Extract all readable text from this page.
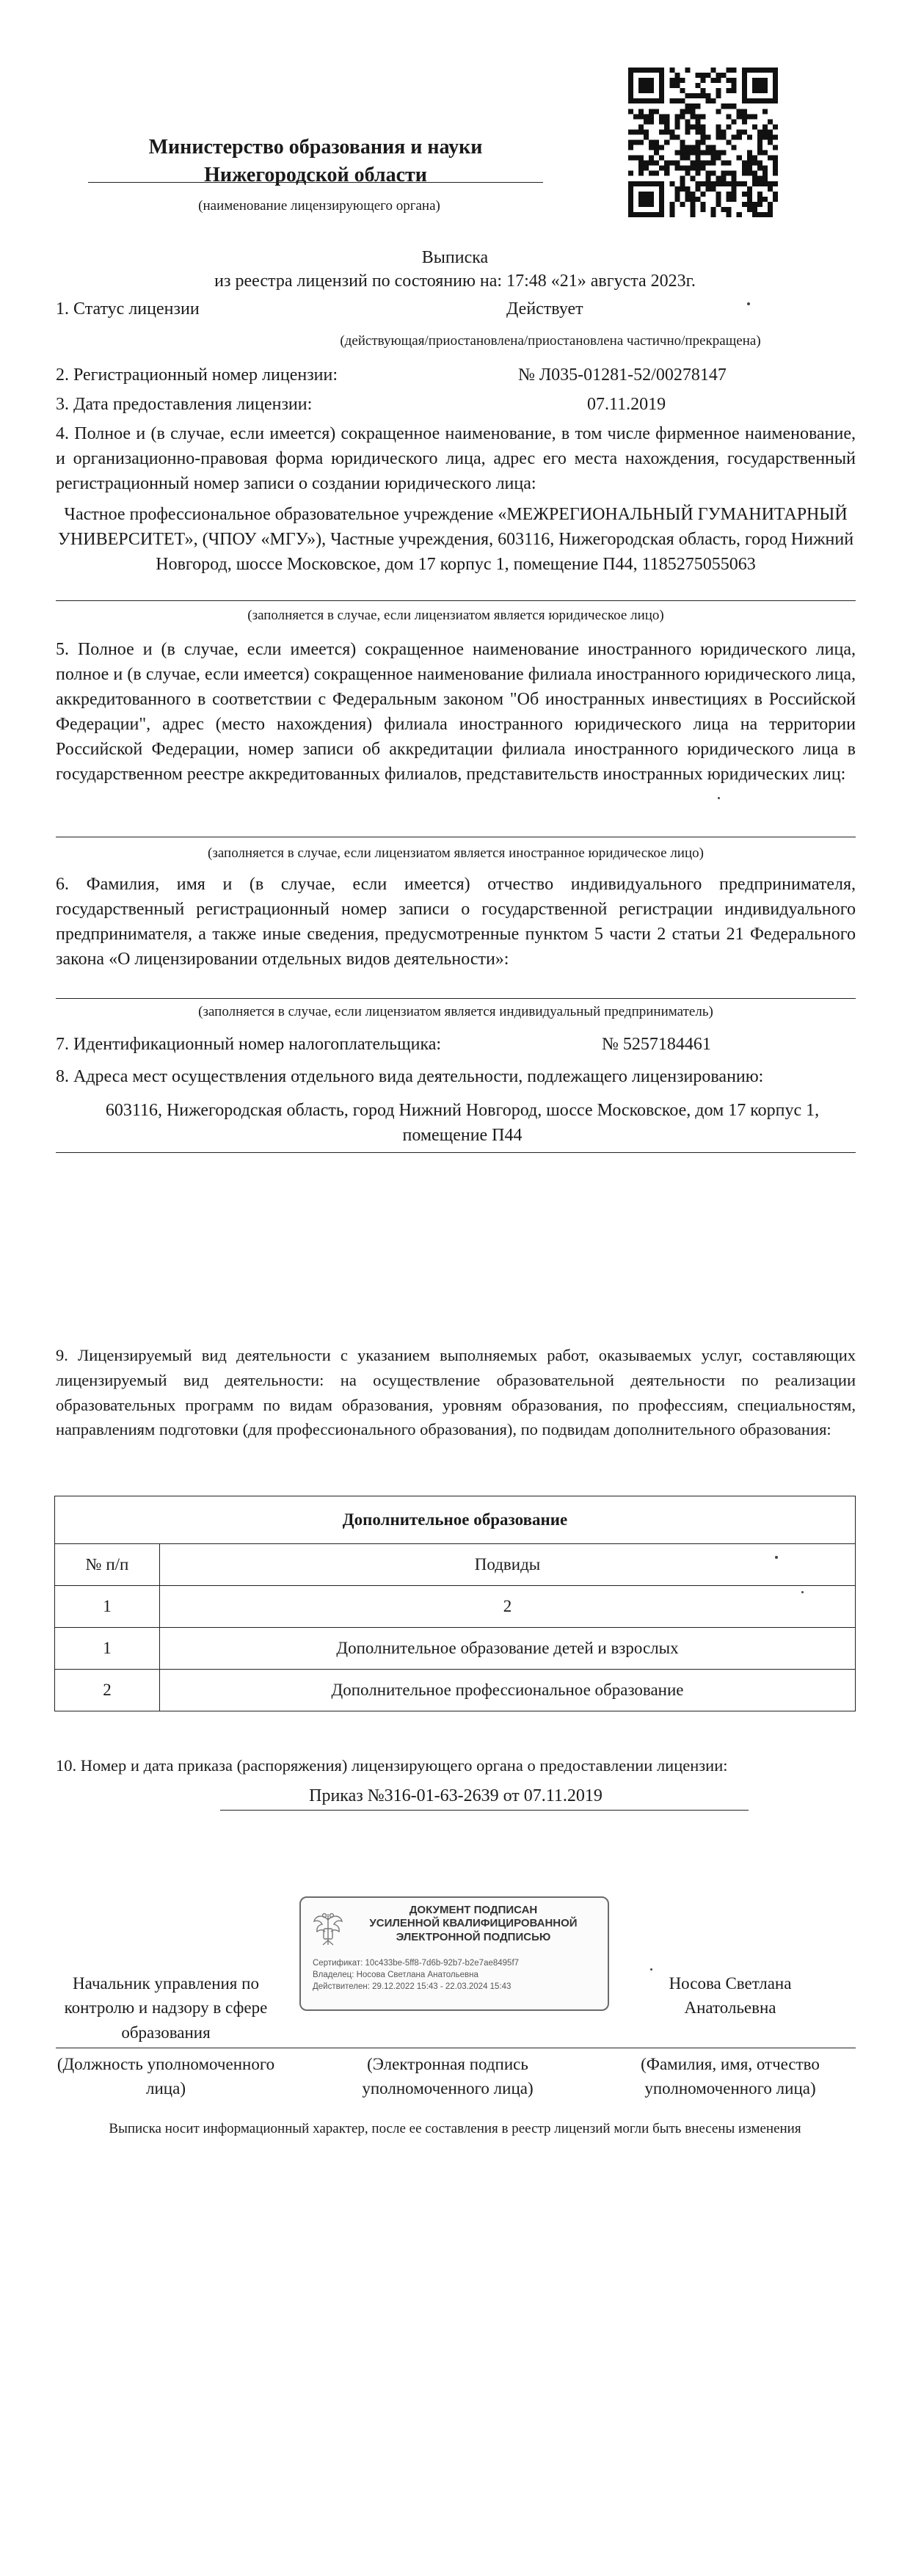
Министерство образования и науки Нижегородской области
(наименование лицензирующего органа)
Выписка
из реестра лицензий по состоянию на: 17:48 «21» августа 2023г.
1. Статус лицензии	Действует
(действующая/приостановлена/приостановлена частично/прекращена)
2. Регистрационный номер лицензии:	№ Л035-01281-52/00278147
3. Дата предоставления лицензии:	07.11.2019
4. Полное и (в случае, если имеется) сокращенное наименование, в том числе фирменное наименование, и организационно-правовая форма юридического лица, адрес его места нахождения, государственный регистрационный номер записи о создании юридического лица:
Частное профессиональное образовательное учреждение «МЕЖРЕГИОНАЛЬНЫЙ ГУМАНИТАРНЫЙ УНИВЕРСИТЕТ», (ЧПОУ «МГУ»), Частные учреждения, 603116, Нижегородская область, город Нижний Новгород, шоссе Московское, дом 17 корпус 1, помещение П44, 1185275055063
(заполняется в случае, если лицензиатом является юридическое лицо)
5. Полное и (в случае, если имеется) сокращенное наименование иностранного юридического лица, полное и (в случае, если имеется) сокращенное наименование филиала иностранного юридического лица, аккредитованного в соответствии с Федеральным законом "Об иностранных инвестициях в Российской Федерации", адрес (место нахождения) филиала иностранного юридического лица на территории Российской Федерации, номер записи об аккредитации филиала иностранного юридического лица в государственном реестре аккредитованных филиалов, представительств иностранных юридических лиц:
(заполняется в случае, если лицензиатом является иностранное юридическое лицо)
6. Фамилия, имя и (в случае, если имеется) отчество индивидуального предпринимателя, государственный регистрационный номер записи о государственной регистрации индивидуального предпринимателя, а также иные сведения, предусмотренные пунктом 5 части 2 статьи 21 Федерального закона «О лицензировании отдельных видов деятельности»:
(заполняется в случае, если лицензиатом является индивидуальный предприниматель)
7. Идентификационный номер налогоплательщика:	№ 5257184461
8. Адреса мест осуществления отдельного вида деятельности, подлежащего лицензированию:
603116, Нижегородская область, город Нижний Новгород, шоссе Московское, дом 17 корпус 1, помещение П44
9. Лицензируемый вид деятельности с указанием выполняемых работ, оказываемых услуг, составляющих лицензируемый вид деятельности: на осуществление образовательной деятельности по реализации образовательных программ по видам образования, уровням образования, по профессиям, специальностям, направлениям подготовки (для профессионального образования), по подвидам дополнительного образования:
Дополнительное образование	
№ п/п	Подвиды
1	2
1	Дополнительное образование детей и взрослых
2	Дополнительное профессиональное образование
10. Номер и дата приказа (распоряжения) лицензирующего органа о предоставлении лицензии:
Приказ №316-01-63-2639 от 07.11.2019
ДОКУМЕНТ ПОДПИСАН
УСИЛЕННОЙ КВАЛИФИЦИРОВАННОЙ
ЭЛЕКТРОННОЙ ПОДПИСЬЮ
Сертификат: 10c433be-5ff8-7d6b-92b7-b2e7ae8495f7
Владелец: Носова Светлана Анатольевна
Действителен: 29.12.2022 15:43 - 22.03.2024 15:43
Начальник управления по контролю и надзору в сфере образования
Носова Светлана Анатольевна
(Должность уполномоченного лица)
(Электронная подпись уполномоченного лица)
(Фамилия, имя, отчество уполномоченного лица)
Выписка носит информационный характер, после ее составления в реестр лицензий могли быть внесены изменения
